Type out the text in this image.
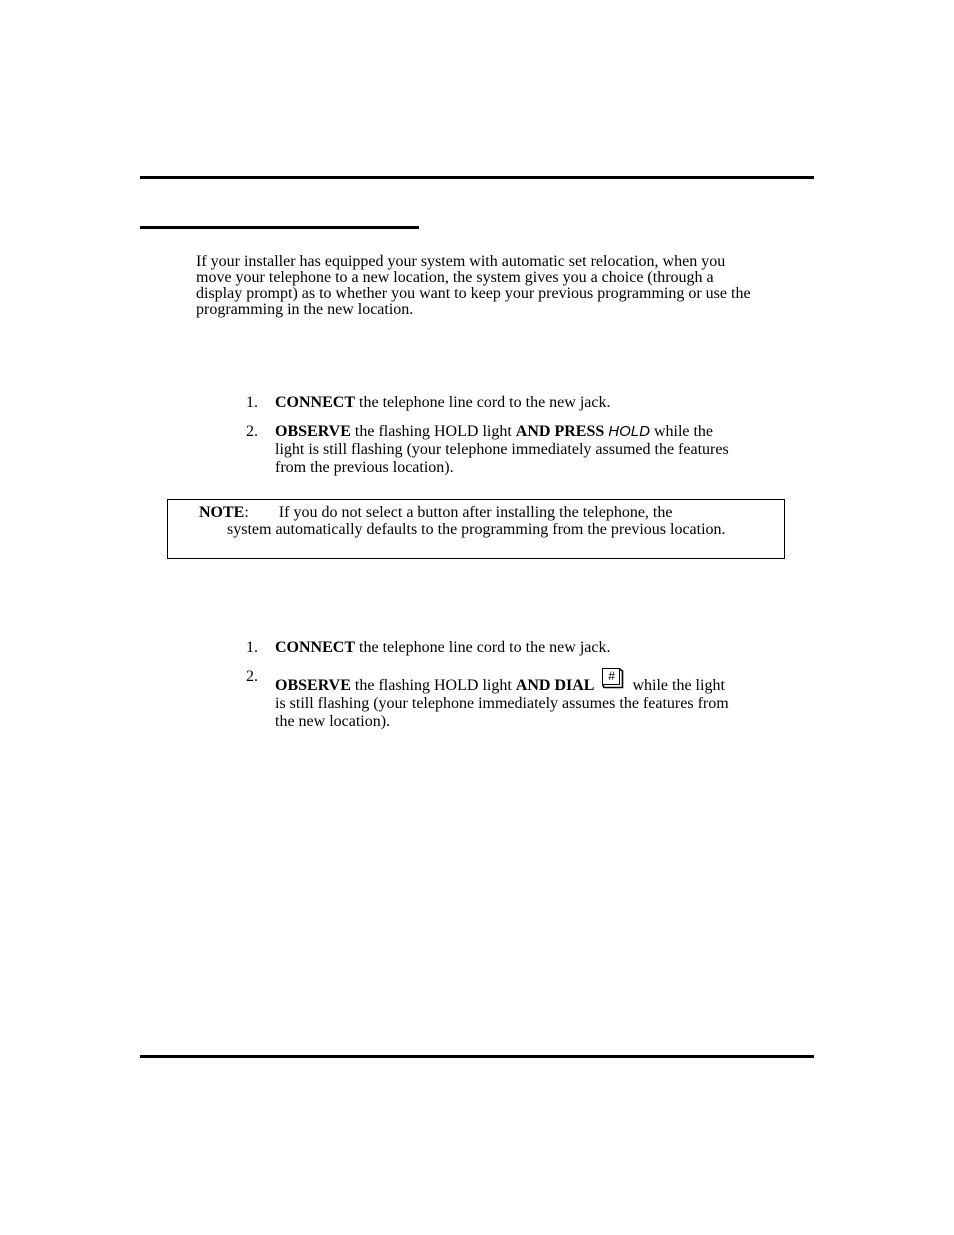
If your installer has equipped your system with automatic set relocation, when you move your telephone to a new location, the system gives you a choice (through a display prompt) as to whether you want to keep your previous programming or use the programming in the new location.

1. CONNECT the telephone line cord to the new jack.
2. OBSERVE the flashing HOLD light AND PRESS HOLD while the light is still flashing (your telephone immediately assumed the features from the previous location).

NOTE: If you do not select a button after installing the telephone, the
system automatically defaults to the programming from the previous location.

1. CONNECT the telephone line cord to the new jack.
2.
OBSERVE the flashing HOLD light AND DIAL
#
while the light is still flashing (your telephone immediately assumes the features from the new location).
